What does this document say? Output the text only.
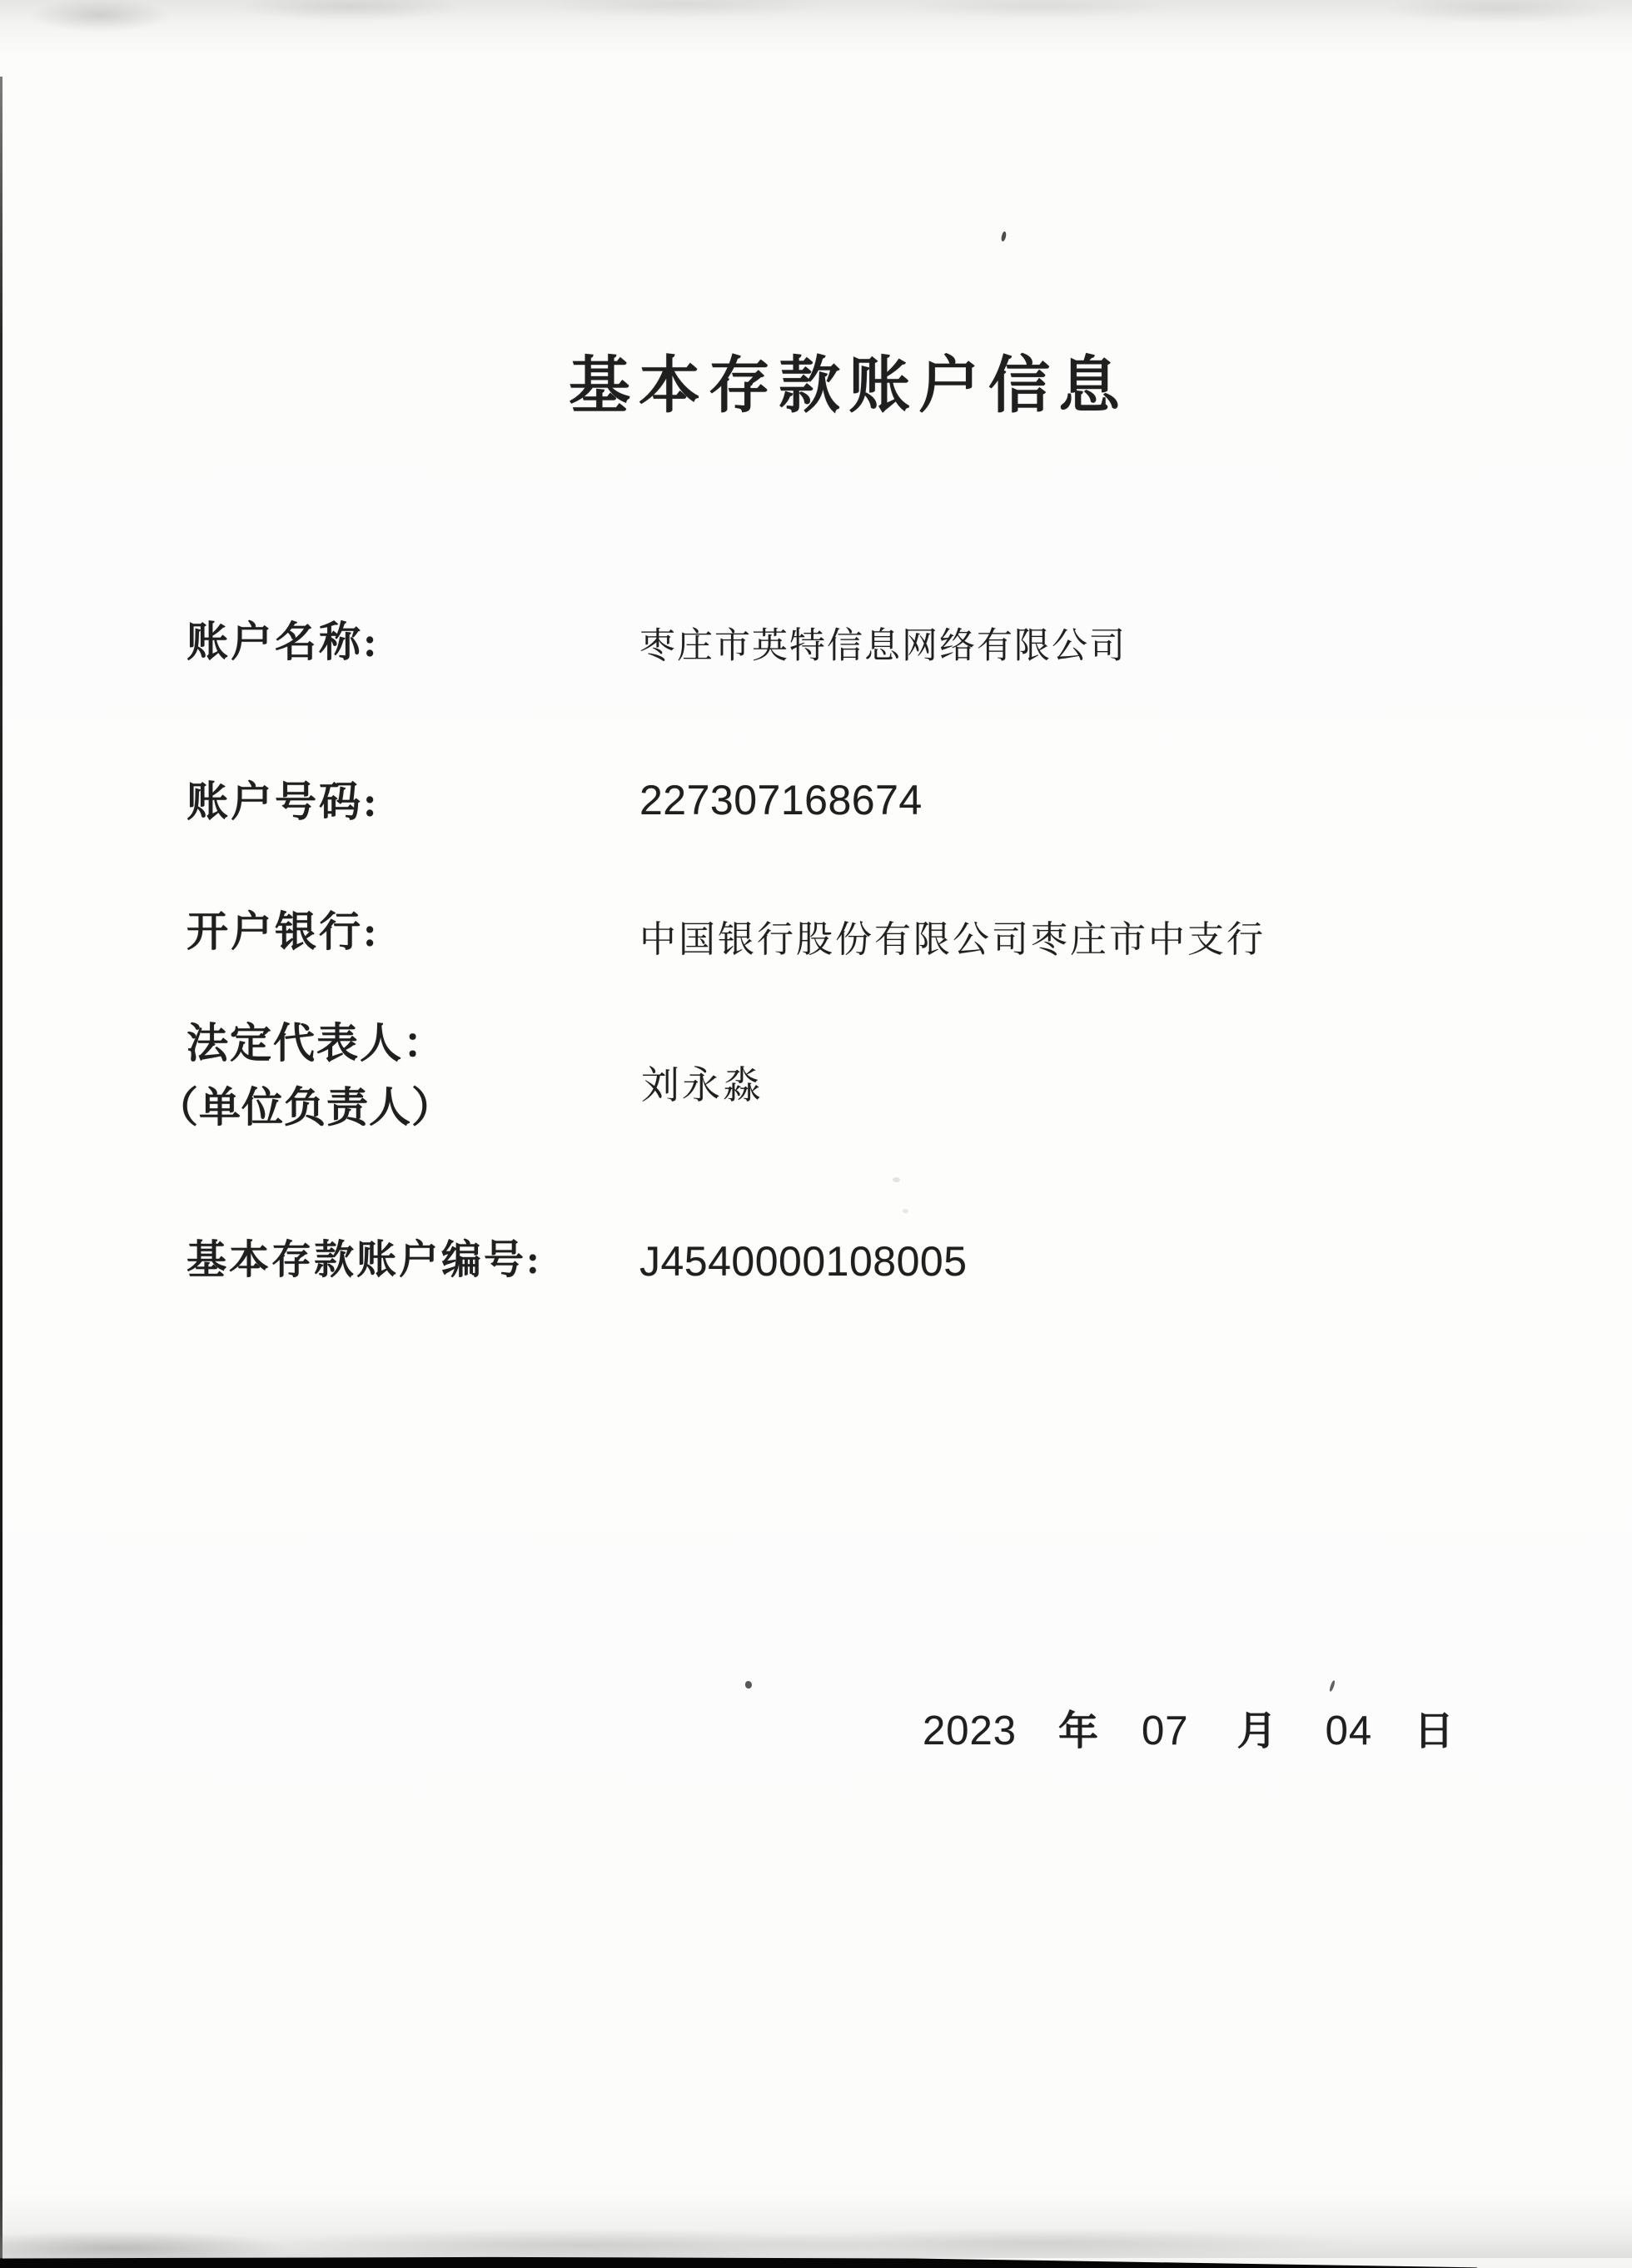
基本存款账户信息
账户名称:	枣庄市英特信息网络有限公司
账户号码:	227307168674
开户银行:	中国银行股份有限公司枣庄市中支行
法定代表人：
（单位负责人）	刘永淼
基本存款账户编号: J4540000108005
2023 年 07 月 04 日
